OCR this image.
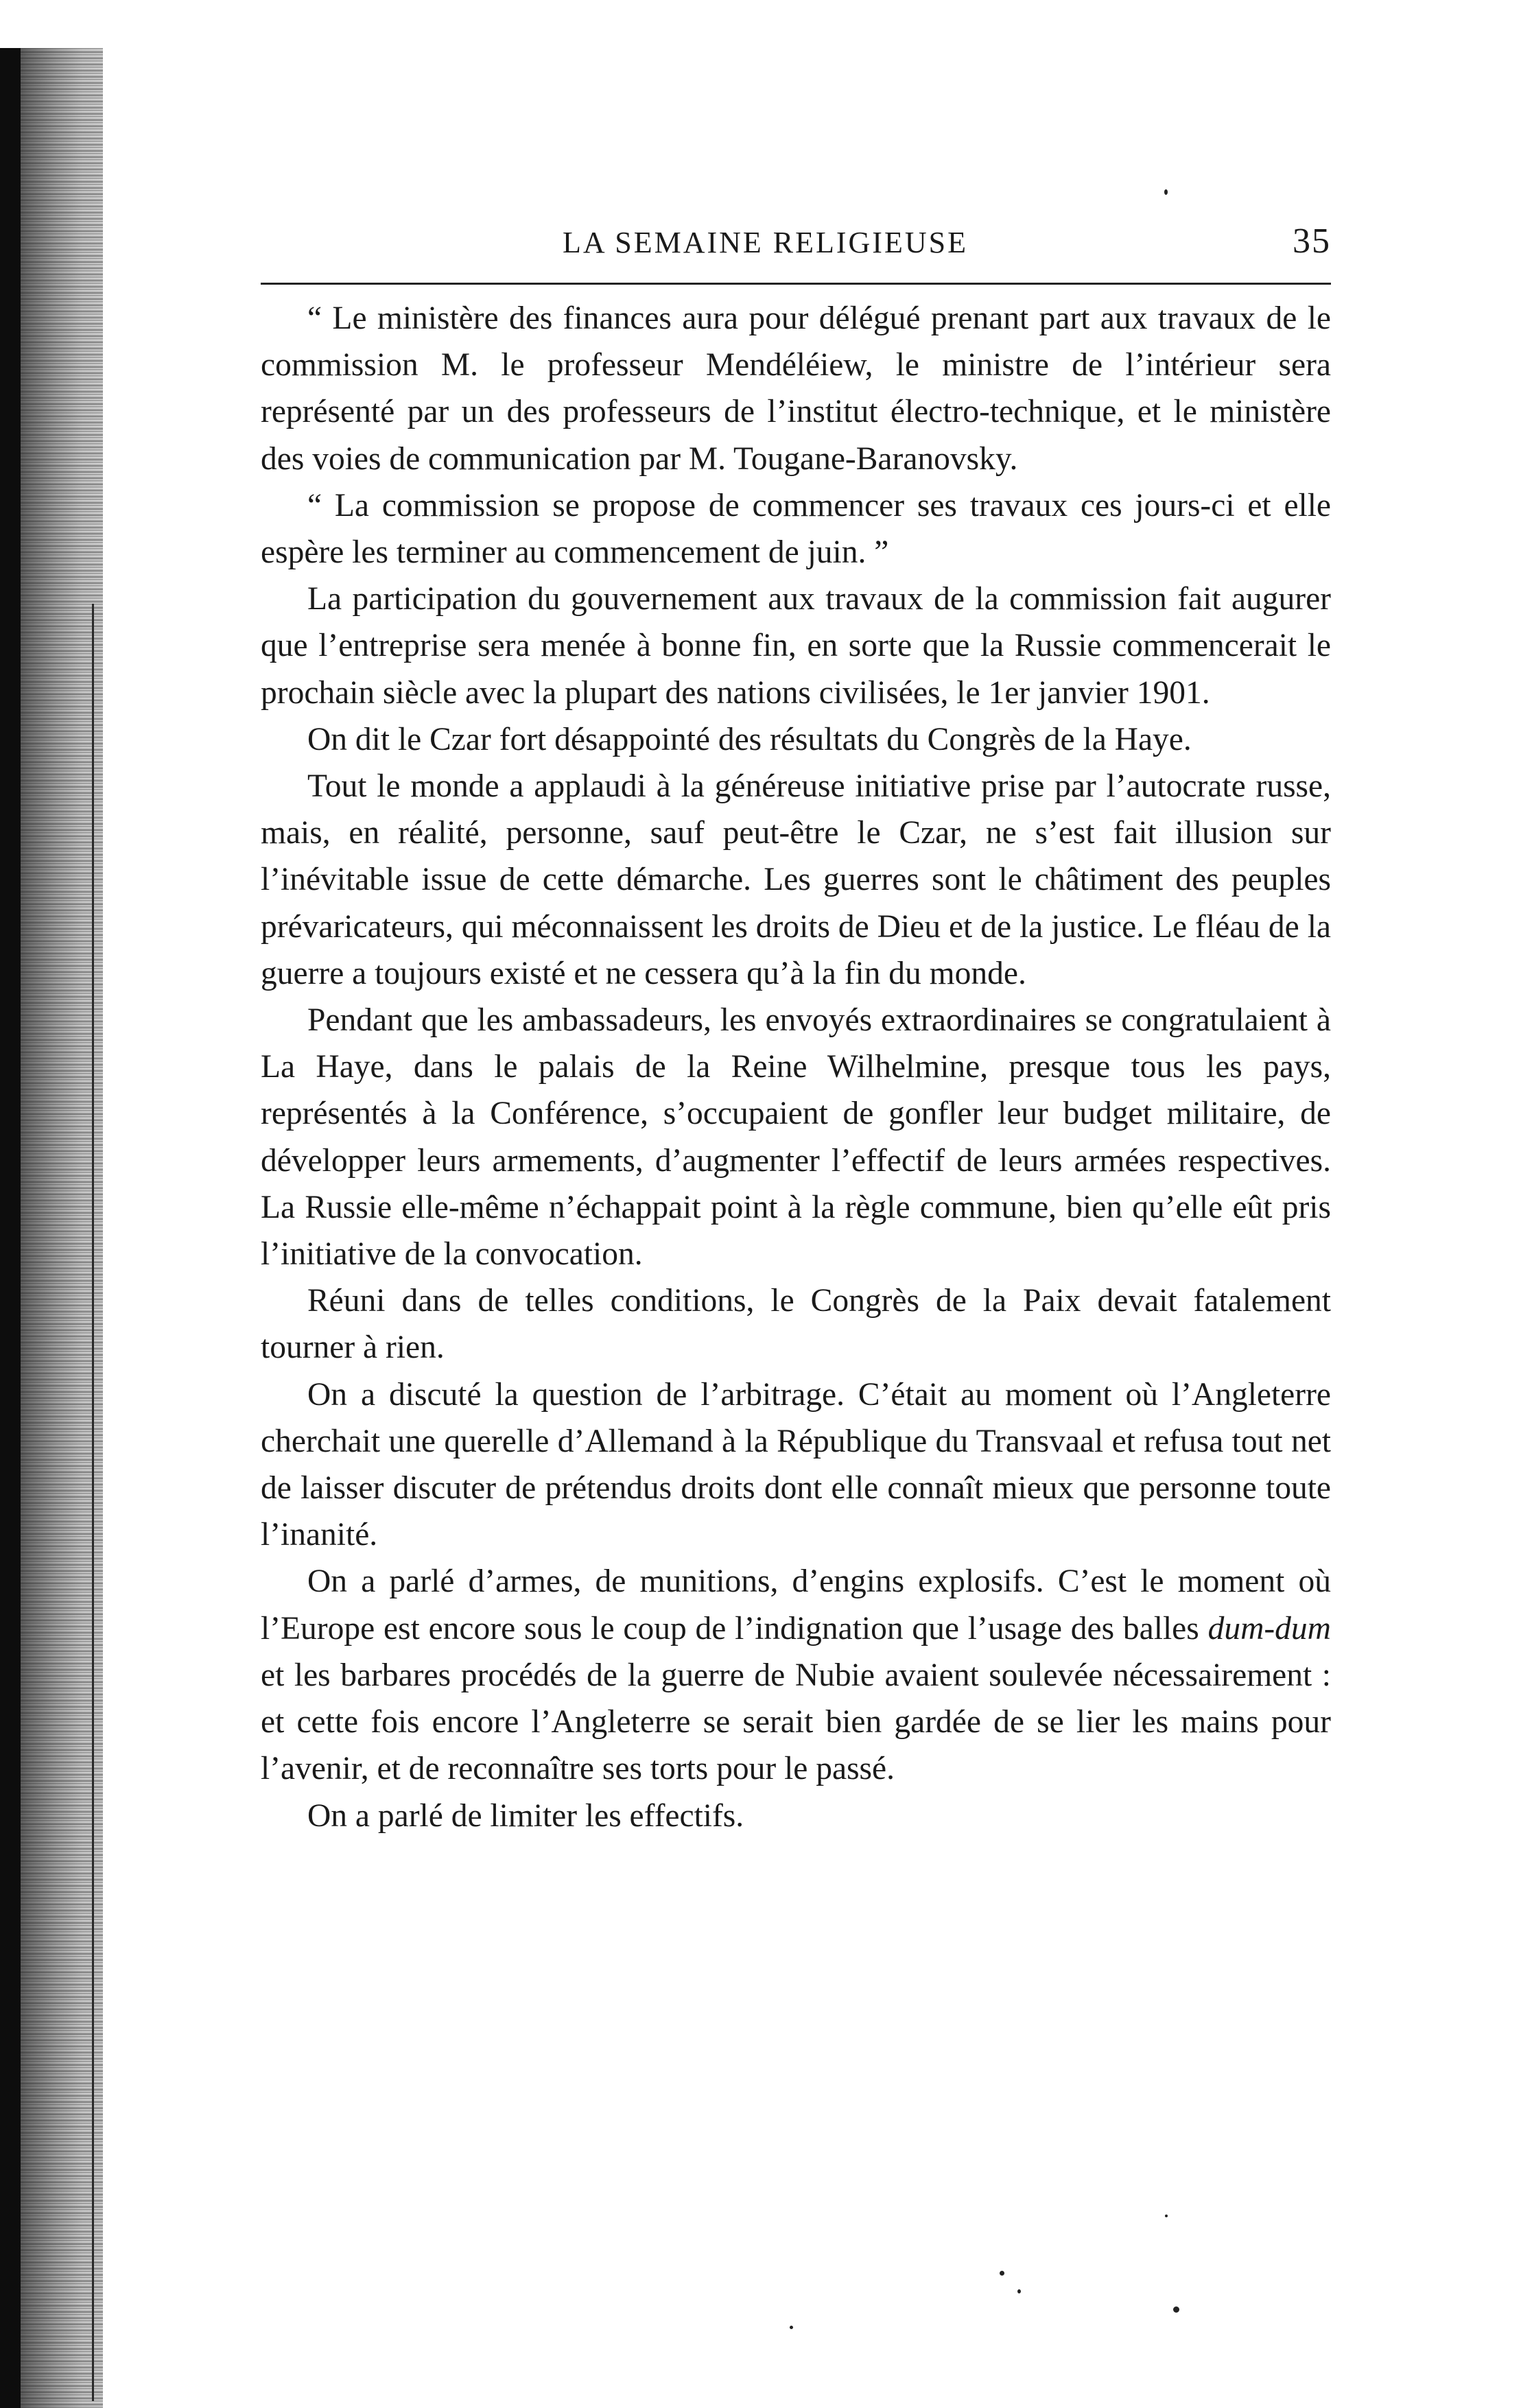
LA SEMAINE RELIGIEUSE	35

“ Le ministère des finances aura pour délégué prenant part aux travaux de le commission M. le professeur Mendéléiew, le ministre de l’intérieur sera représenté par un des professeurs de l’institut électro-technique, et le ministère des voies de communication par M. Tougane-Baranovsky.

“ La commission se propose de commencer ses travaux ces jours-ci et elle espère les terminer au commencement de juin. ”

La participation du gouvernement aux travaux de la commission fait augurer que l’entreprise sera menée à bonne fin, en sorte que la Russie commencerait le prochain siècle avec la plupart des nations civilisées, le 1er janvier 1901.

On dit le Czar fort désappointé des résultats du Congrès de la Haye.

Tout le monde a applaudi à la généreuse initiative prise par l’autocrate russe, mais, en réalité, personne, sauf peut-être le Czar, ne s’est fait illusion sur l’inévitable issue de cette démarche. Les guerres sont le châtiment des peuples prévaricateurs, qui méconnaissent les droits de Dieu et de la justice. Le fléau de la guerre a toujours existé et ne cessera qu’à la fin du monde.

Pendant que les ambassadeurs, les envoyés extraordinaires se congratulaient à La Haye, dans le palais de la Reine Wilhelmine, presque tous les pays, représentés à la Conférence, s’occupaient de gonfler leur budget militaire, de développer leurs armements, d’augmenter l’effectif de leurs armées respectives. La Russie elle-même n’échappait point à la règle commune, bien qu’elle eût pris l’initiative de la convocation.

Réuni dans de telles conditions, le Congrès de la Paix devait fatalement tourner à rien.

On a discuté la question de l’arbitrage. C’était au moment où l’Angleterre cherchait une querelle d’Allemand à la République du Transvaal et refusa tout net de laisser discuter de prétendus droits dont elle connaît mieux que personne toute l’inanité.

On a parlé d’armes, de munitions, d’engins explosifs. C’est le moment où l’Europe est encore sous le coup de l’indignation que l’usage des balles dum-dum et les barbares procédés de la guerre de Nubie avaient soulevée nécessairement : et cette fois encore l’Angleterre se serait bien gardée de se lier les mains pour l’avenir, et de reconnaître ses torts pour le passé.

On a parlé de limiter les effectifs.
